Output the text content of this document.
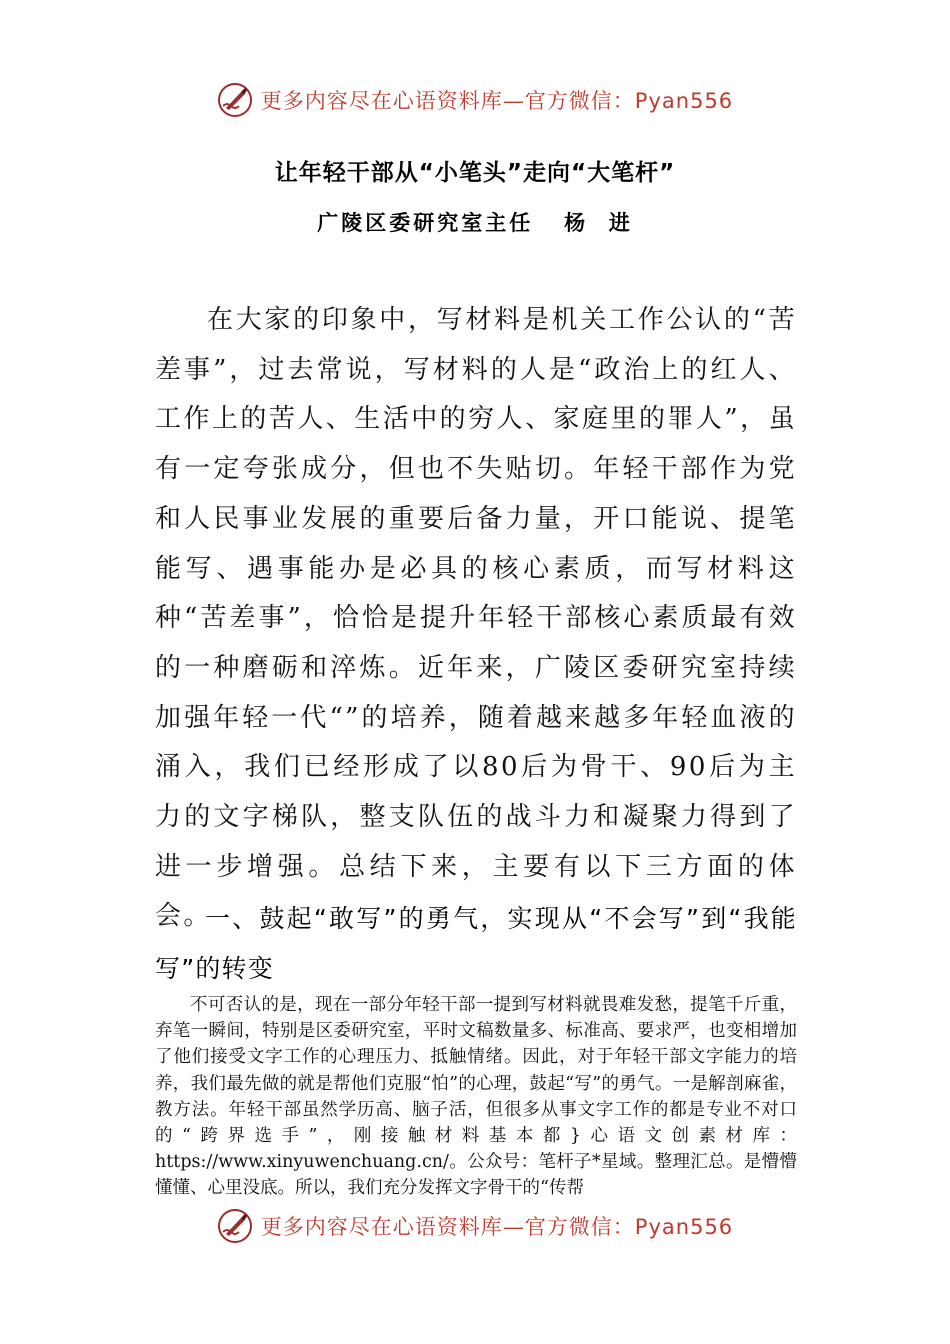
更多内容尽在心语资料库—官方微信：Pyan556
让年轻干部从“小笔头”走向“大笔杆”
广陵区委研究室主任   杨  进

在大家的印象中，写材料是机关工作公认的“苦差事”，过去常说，写材料的人是“政治上的红人、工作上的苦人、生活中的穷人、家庭里的罪人”，虽有一定夸张成分，但也不失贴切。年轻干部作为党和人民事业发展的重要后备力量，开口能说、提笔能写、遇事能办是必具的核心素质，而写材料这种“苦差事”，恰恰是提升年轻干部核心素质最有效的一种磨砺和淬炼。近年来，广陵区委研究室持续加强年轻一代“”的培养，随着越来越多年轻血液的涌入，我们已经形成了以80后为骨干、90后为主力的文字梯队，整支队伍的战斗力和凝聚力得到了进一步增强。总结下来，主要有以下三方面的体会。

一、鼓起“敢写”的勇气，实现从“不会写”到“我能写”的转变

不可否认的是，现在一部分年轻干部一提到写材料就畏难发愁，提笔千斤重，弃笔一瞬间，特别是区委研究室，平时文稿数量多、标准高、要求严，也变相增加了他们接受文字工作的心理压力、抵触情绪。因此，对于年轻干部文字能力的培养，我们最先做的就是帮他们克服“怕”的心理，鼓起“写”的勇气。一是解剖麻雀，教方法。年轻干部虽然学历高、脑子活，但很多从事文字工作的都是专业不对口的“跨界选手”，刚接触材料基本都}心语文创素材库：https://www.xinyuwenchuang.cn/。公众号：笔杆子*星域。整理汇总。是懵懵懂懂、心里没底。所以，我们充分发挥文字骨干的“传帮

更多内容尽在心语资料库—官方微信：Pyan556
